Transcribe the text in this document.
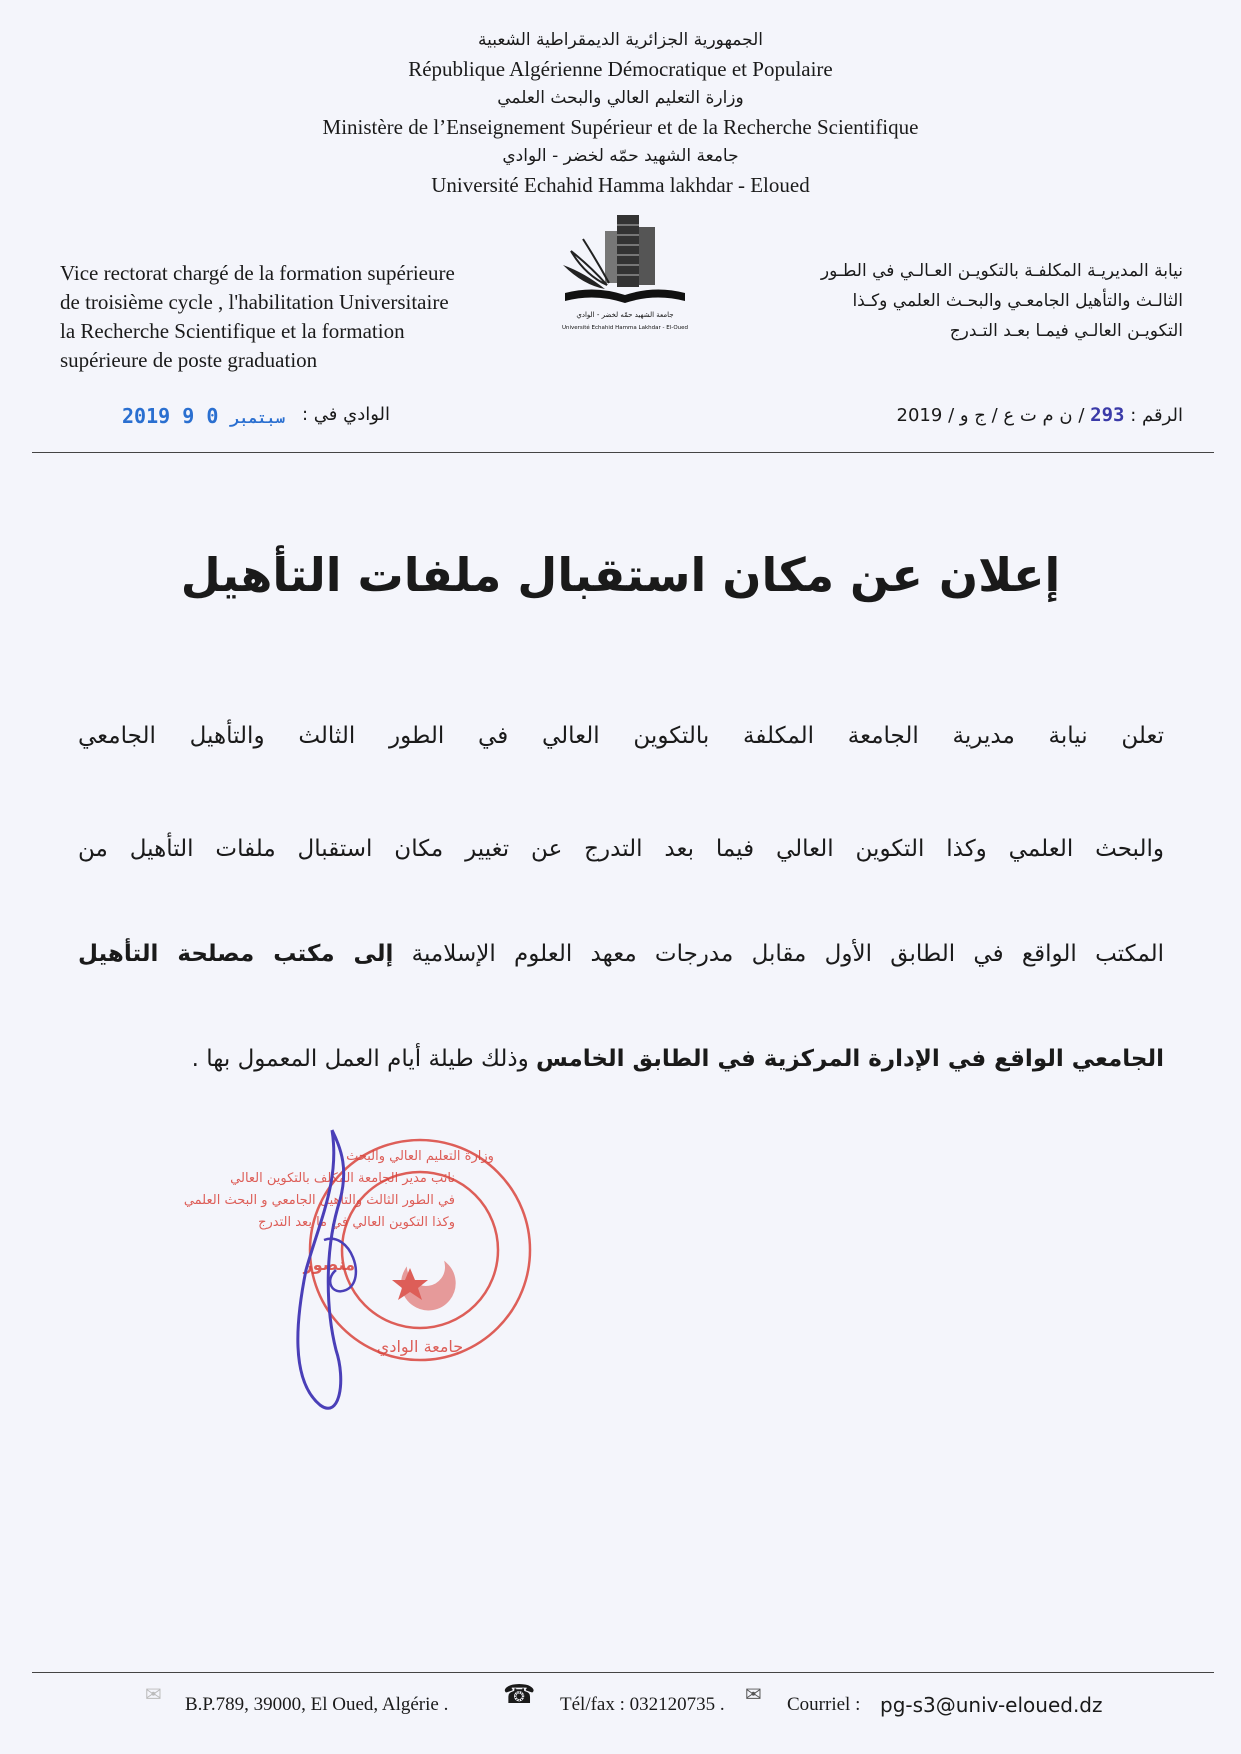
الجمهورية الجزائرية الديمقراطية الشعبية
République Algérienne Démocratique et Populaire
وزارة التعليم العالي والبحث العلمي
Ministère de l’Enseignement Supérieur et de la Recherche Scientifique
جامعة الشهيد حمّه لخضر - الوادي
Université Echahid Hamma lakhdar - Eloued
Vice rectorat chargé de la formation supérieure
de troisième cycle , l'habilitation Universitaire
la Recherche Scientifique et la formation
supérieure de poste graduation
جامعة الشهيد حمّه لخضر - الوادي
Université Echahid Hamma Lakhdar - El-Oued
نيابة المديريـة المكلفـة بالتكويـن العـالـي في الطـور
الثالـث والتأهيل الجامعـي والبحـث العلمي وكـذا
التكويـن العالـي فيمـا بعـد التـدرج
الرقم : 293 / ن م ت ع / ج و / 2019
2019	سبتمبر 0 9	الوادي في :
إعلان عن مكان استقبال ملفات التأهيل
تعلن نيابة مديرية الجامعة المكلفة بالتكوين العالي في الطور الثالث والتأهيل الجامعي
والبحث العلمي وكذا التكوين العالي فيما بعد التدرج عن تغيير مكان استقبال ملفات التأهيل من
المكتب الواقع في الطابق الأول مقابل مدرجات معهد العلوم الإسلامية إلى مكتب مصلحة التأهيل
الجامعي الواقع في الإدارة المركزية في الطابق الخامس وذلك طيلة أيام العمل المعمول بها .
نائب مدير الجامعة المكلف بالتكوين العالي
في الطور الثالث والتأهيل الجامعي و البحث العلمي
وكذا التكوين العالي في ما بعد التدرج
منصور
جامعة الوادي
وزارة التعليم العالي والبحث
✉ B.P.789, 39000, El Oued, Algérie . ☎ Tél/fax : 032120735 . ✉ Courriel : pg-s3@univ-eloued.dz
